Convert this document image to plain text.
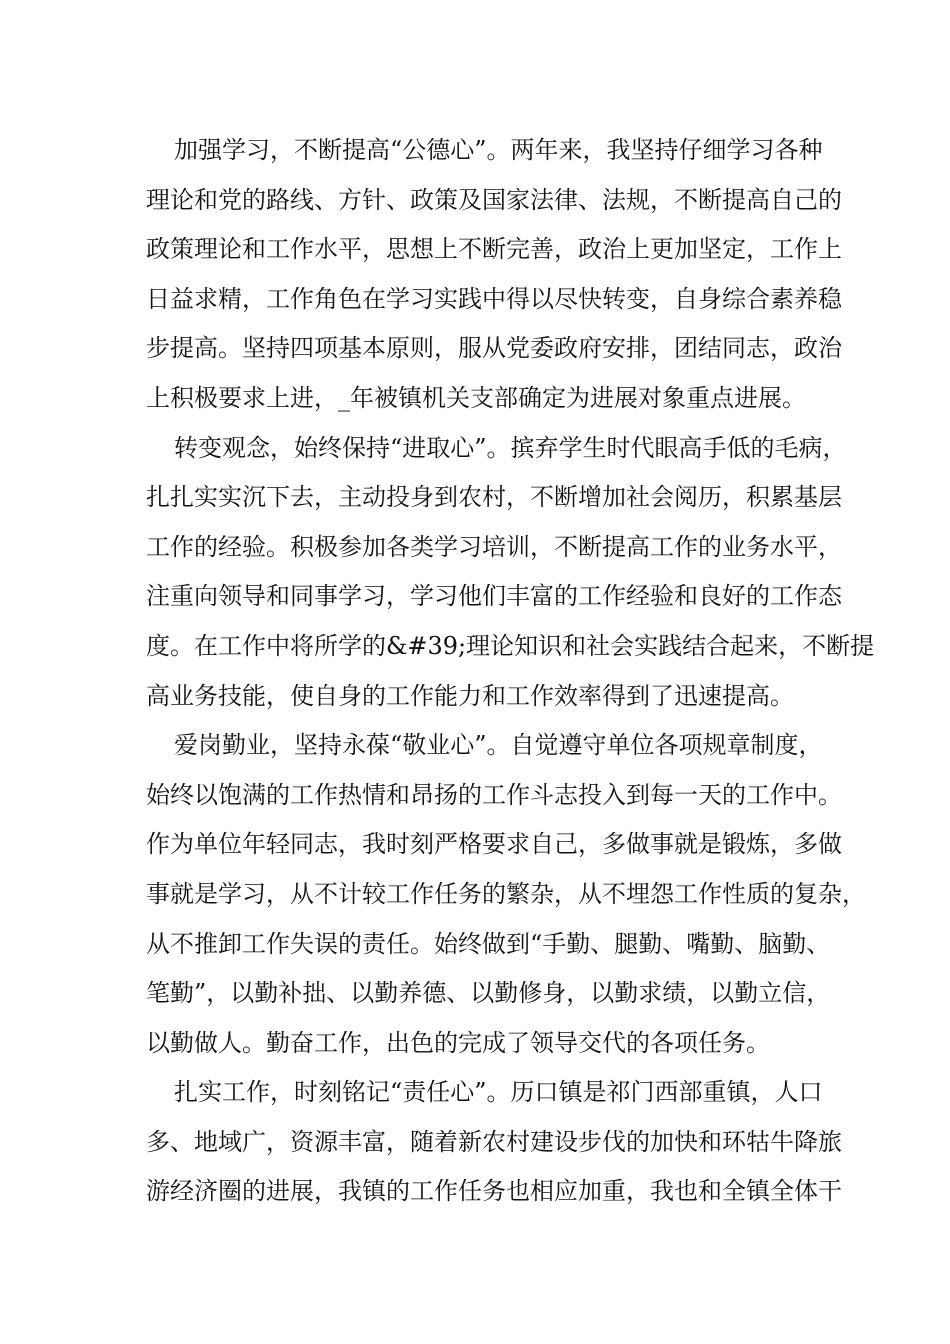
加强学习，不断提高“公德心”。两年来，我坚持仔细学习各种
理论和党的路线、方针、政策及国家法律、法规，不断提高自己的
政策理论和工作水平，思想上不断完善，政治上更加坚定，工作上
日益求精，工作角色在学习实践中得以尽快转变，自身综合素养稳
步提高。坚持四项基本原则，服从党委政府安排，团结同志，政治
上积极要求上进，_年被镇机关支部确定为进展对象重点进展。
转变观念，始终保持“进取心”。摈弃学生时代眼高手低的毛病，
扎扎实实沉下去，主动投身到农村，不断增加社会阅历，积累基层
工作的经验。积极参加各类学习培训，不断提高工作的业务水平，
注重向领导和同事学习，学习他们丰富的工作经验和良好的工作态
度。在工作中将所学的&#39;理论知识和社会实践结合起来，不断提
高业务技能，使自身的工作能力和工作效率得到了迅速提高。
爱岗勤业，坚持永葆“敬业心”。自觉遵守单位各项规章制度，
始终以饱满的工作热情和昂扬的工作斗志投入到每一天的工作中。
作为单位年轻同志，我时刻严格要求自己，多做事就是锻炼，多做
事就是学习，从不计较工作任务的繁杂，从不埋怨工作性质的复杂，
从不推卸工作失误的责任。始终做到“手勤、腿勤、嘴勤、脑勤、
笔勤”，以勤补拙、以勤养德、以勤修身，以勤求绩，以勤立信，
以勤做人。勤奋工作，出色的完成了领导交代的各项任务。
扎实工作，时刻铭记“责任心”。历口镇是祁门西部重镇，人口
多、地域广，资源丰富，随着新农村建设步伐的加快和环牯牛降旅
游经济圈的进展，我镇的工作任务也相应加重，我也和全镇全体干
